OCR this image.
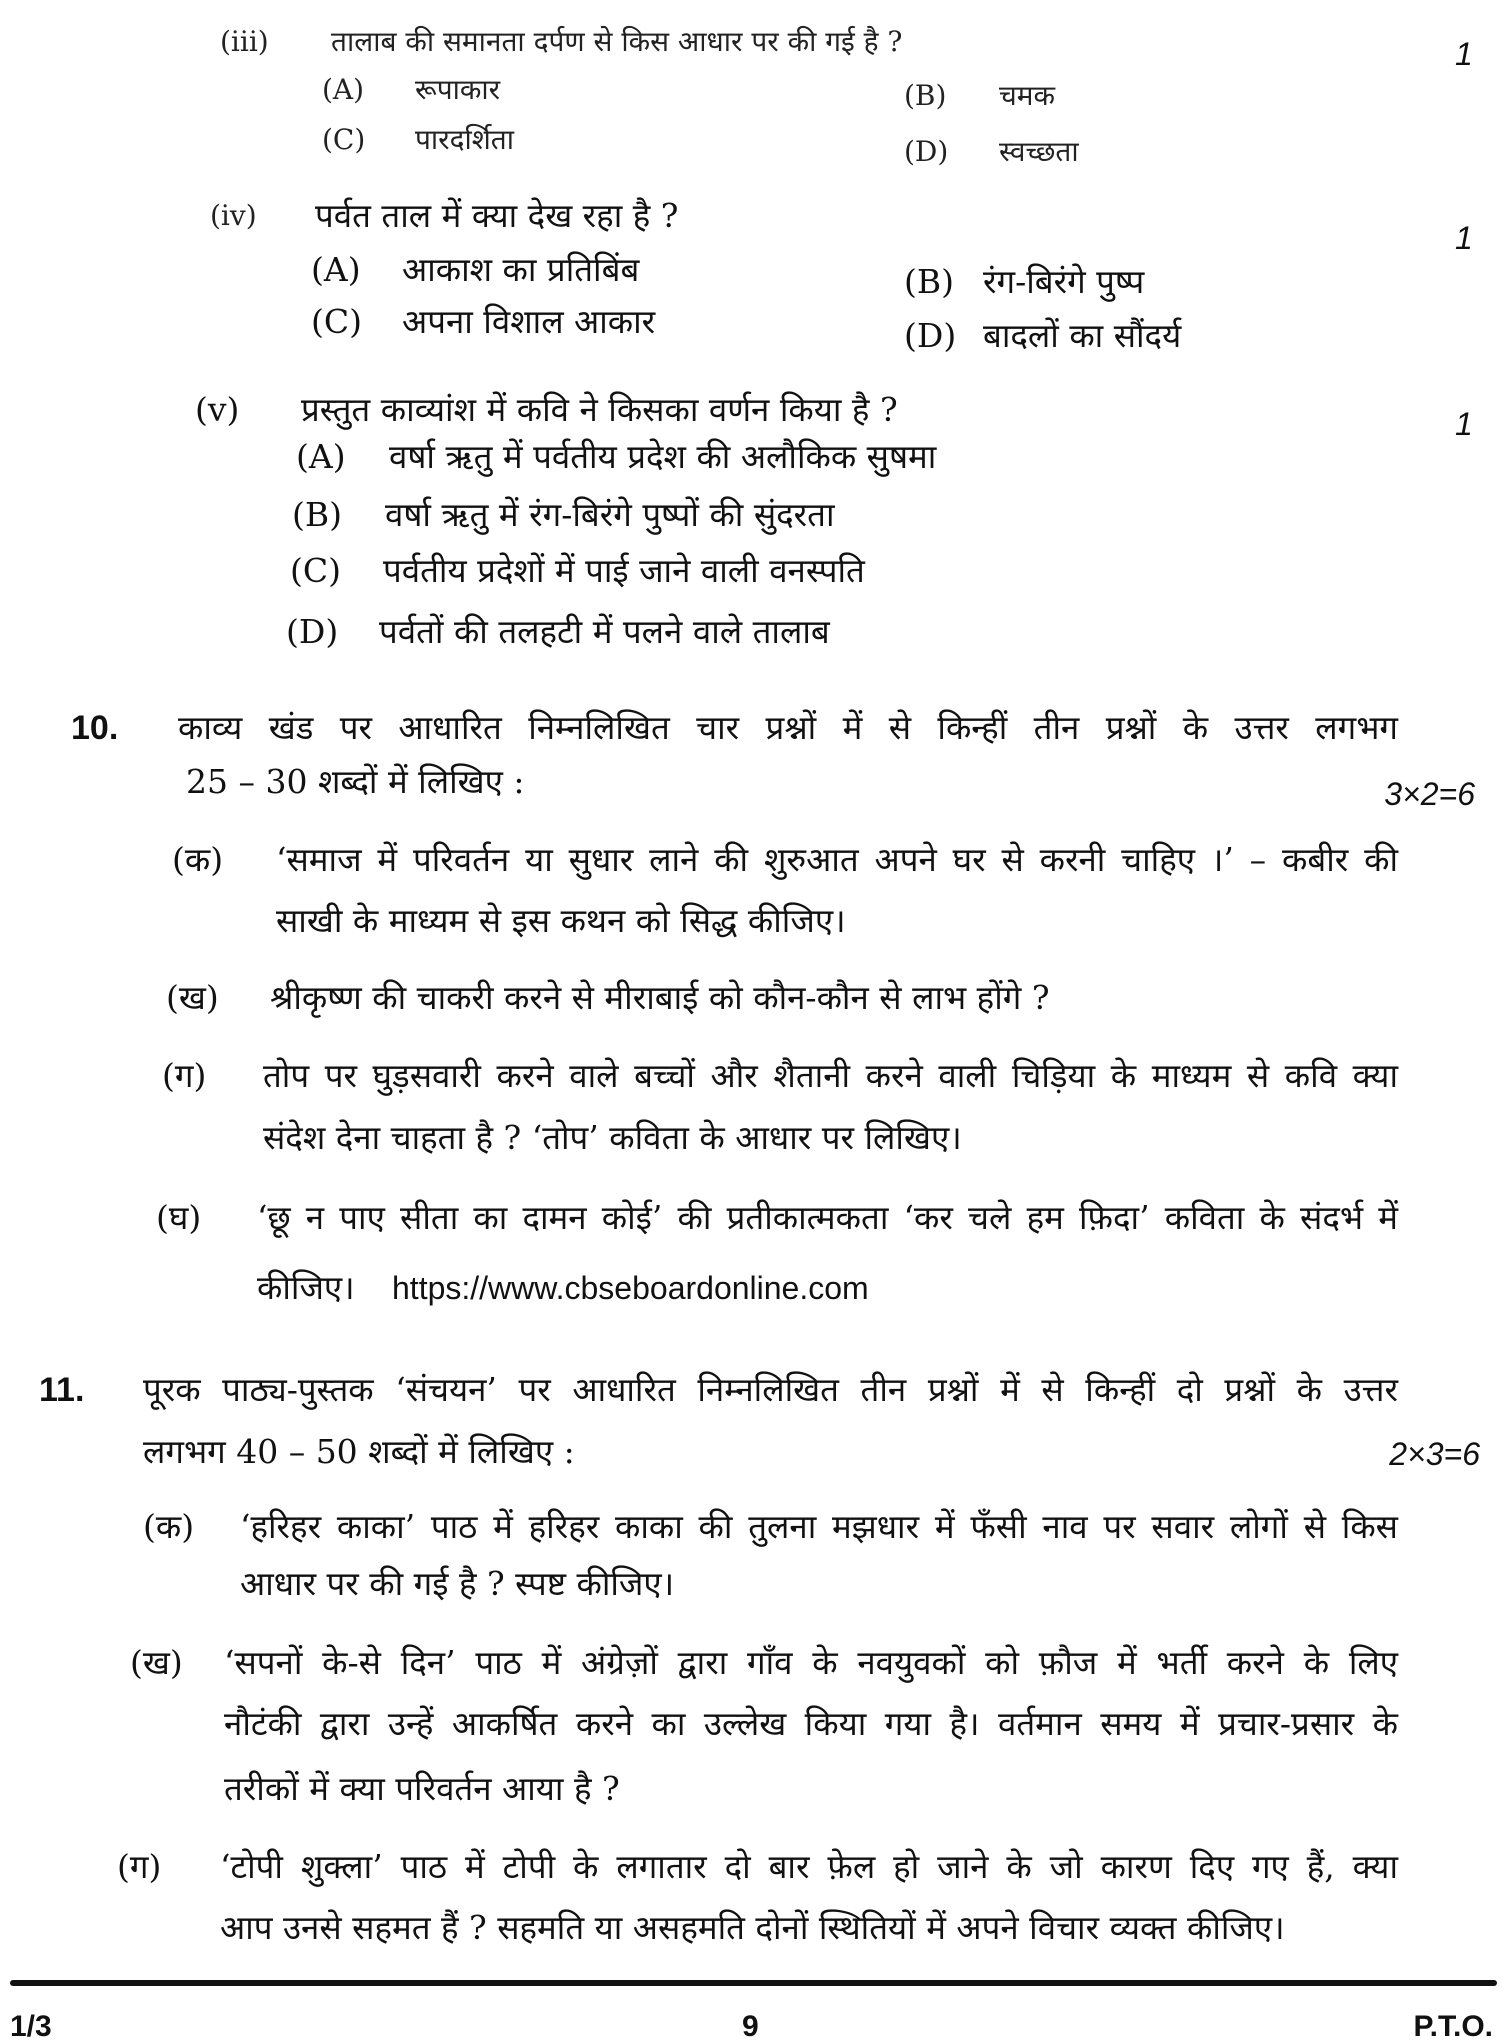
(iii) तालाब की समानता दर्पण से किस आधार पर की गई है ?	1
(A) रूपाकार	(B) चमक
(C) पारदर्शिता	(D) स्वच्छता
(iv) पर्वत ताल में क्या देख रहा है ?
1
(A) आकाश का प्रतिबिंब	(B) रंग-बिरंगे पुष्प
(C) अपना विशाल आकार	(D) बादलों का सौंदर्य
(v) प्रस्तुत काव्यांश में कवि ने किसका वर्णन किया है ?	1
(A) वर्षा ऋतु में पर्वतीय प्रदेश की अलौकिक सुषमा
(B) वर्षा ऋतु में रंग-बिरंगे पुष्पों की सुंदरता
(C) पर्वतीय प्रदेशों में पाई जाने वाली वनस्पति
(D) पर्वतों की तलहटी में पलने वाले तालाब
10. काव्य खंड पर आधारित निम्नलिखित चार प्रश्नों में से किन्हीं तीन प्रश्नों के उत्तर लगभग
25 – 30 शब्दों में लिखिए :	3×2=6
(क) ‘समाज में परिवर्तन या सुधार लाने की शुरुआत अपने घर से करनी चाहिए ।’ – कबीर की
साखी के माध्यम से इस कथन को सिद्ध कीजिए।
(ख) श्रीकृष्ण की चाकरी करने से मीराबाई को कौन-कौन से लाभ होंगे ?
(ग) तोप पर घुड़सवारी करने वाले बच्चों और शैतानी करने वाली चिड़िया के माध्यम से कवि क्या
संदेश देना चाहता है ? ‘तोप’ कविता के आधार पर लिखिए।
(घ) ‘छू न पाए सीता का दामन कोई’ की प्रतीकात्मकता ‘कर चले हम फ़िदा’ कविता के संदर्भ में
कीजिए। https://www.cbseboardonline.com
11. पूरक पाठ्य-पुस्तक ‘संचयन’ पर आधारित निम्नलिखित तीन प्रश्नों में से किन्हीं दो प्रश्नों के उत्तर
लगभग 40 – 50 शब्दों में लिखिए :	2×3=6
(क) ‘हरिहर काका’ पाठ में हरिहर काका की तुलना मझधार में फँसी नाव पर सवार लोगों से किस
आधार पर की गई है ? स्पष्ट कीजिए।
(ख) ‘सपनों के-से दिन’ पाठ में अंग्रेज़ों द्वारा गाँव के नवयुवकों को फ़ौज में भर्ती करने के लिए
नौटंकी द्वारा उन्हें आकर्षित करने का उल्लेख किया गया है। वर्तमान समय में प्रचार-प्रसार के
तरीकों में क्या परिवर्तन आया है ?
(ग) ‘टोपी शुक्ला’ पाठ में टोपी के लगातार दो बार फ़ेल हो जाने के जो कारण दिए गए हैं, क्या
आप उनसे सहमत हैं ? सहमति या असहमति दोनों स्थितियों में अपने विचार व्यक्त कीजिए।
1/3	9	P.T.O.
